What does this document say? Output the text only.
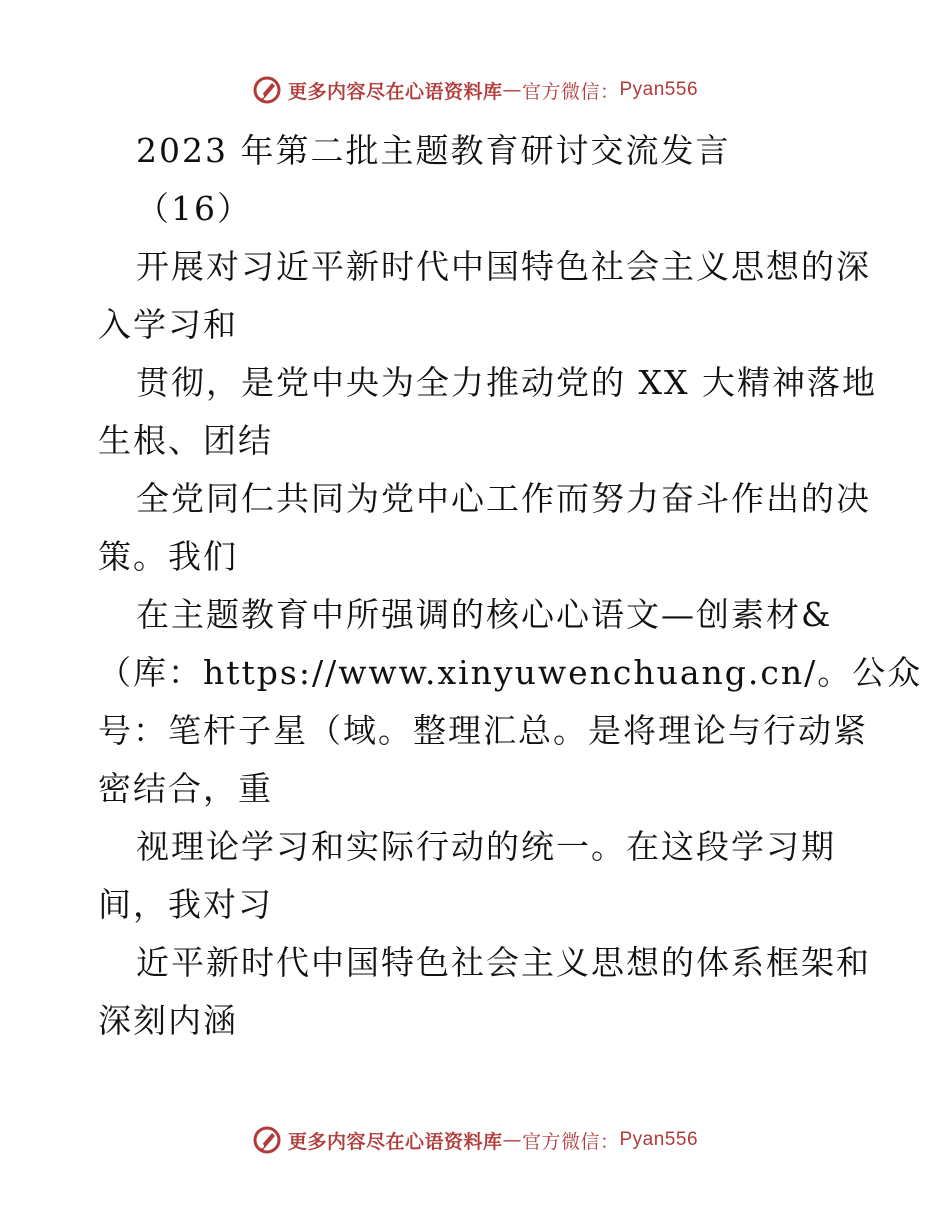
更多内容尽在心语资料库 — 官方微信： Pyan556
2023 年第二批主题教育研讨交流发言
（16）
开展对习近平新时代中国特色社会主义思想的深
入学习和
贯彻，是党中央为全力推动党的 XX 大精神落地
生根、团结
全党同仁共同为党中心工作而努力奋斗作出的决
策。我们
在主题教育中所强调的核心心语文—创素材&
（库：https://www.xinyuwenchuang.cn/。公众
号：笔杆子星（域。整理汇总。是将理论与行动紧
密结合，重
视理论学习和实际行动的统一。在这段学习期
间，我对习
近平新时代中国特色社会主义思想的体系框架和
深刻内涵
更多内容尽在心语资料库 — 官方微信： Pyan556
